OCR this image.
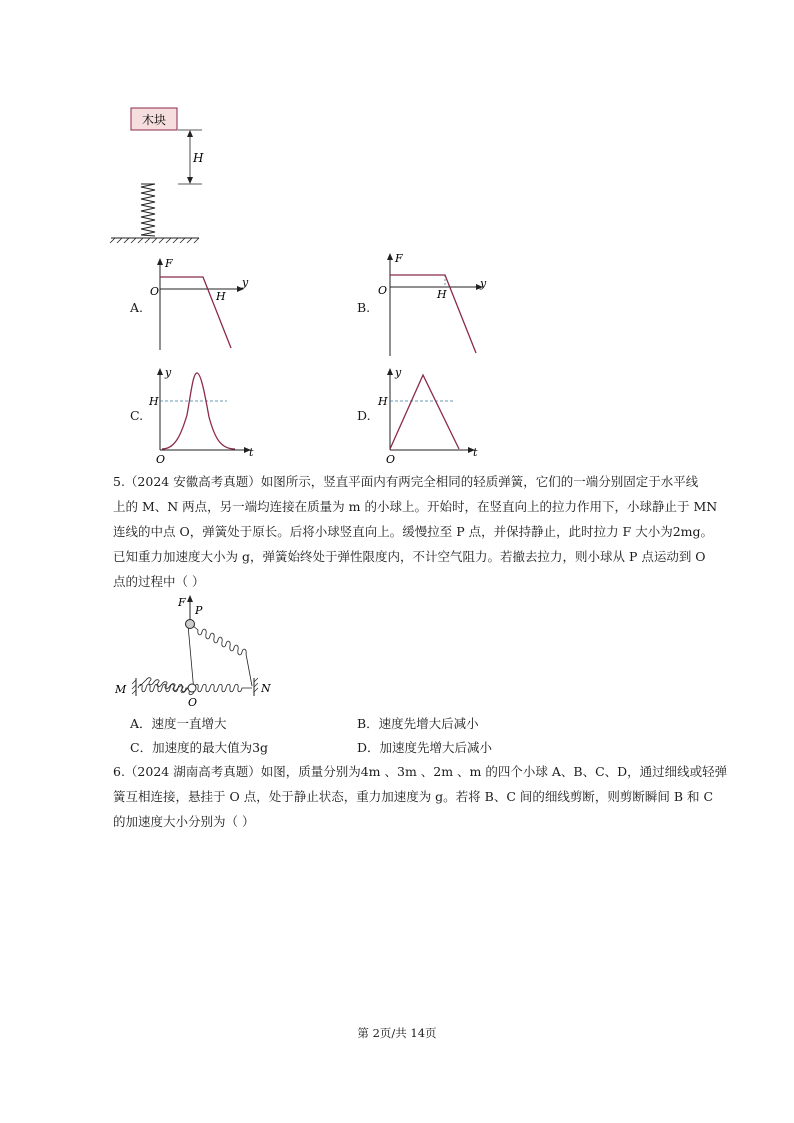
木块
H
A.
F
O
y
H
B.
F
O
y
H
C.
y
H
t
O
D.
y
H
t
O
5.（2024 安徽高考真题）如图所示，竖直平面内有两完全相同的轻质弹簧，它们的一端分别固定于水平线
上的 M、N 两点，另一端均连接在质量为 m 的小球上。开始时，在竖直向上的拉力作用下，小球静止于 MN
连线的中点 O，弹簧处于原长。后将小球竖直向上。缓慢拉至 P 点，并保持静止，此时拉力 F 大小为2mg。
已知重力加速度大小为 g，弹簧始终处于弹性限度内，不计空气阻力。若撤去拉力，则小球从 P 点运动到 O
点的过程中（ ）
F
P
M	N
O
A．速度一直增大	B．速度先增大后减小
C．加速度的最大值为3g	D．加速度先增大后减小
6.（2024 湖南高考真题）如图，质量分别为4m 、3m 、2m 、m 的四个小球 A、B、C、D，通过细线或轻弹
簧互相连接，悬挂于 O 点，处于静止状态，重力加速度为 g。若将 B、C 间的细线剪断，则剪断瞬间 B 和 C
的加速度大小分别为（ ）
第 2页/共 14页
